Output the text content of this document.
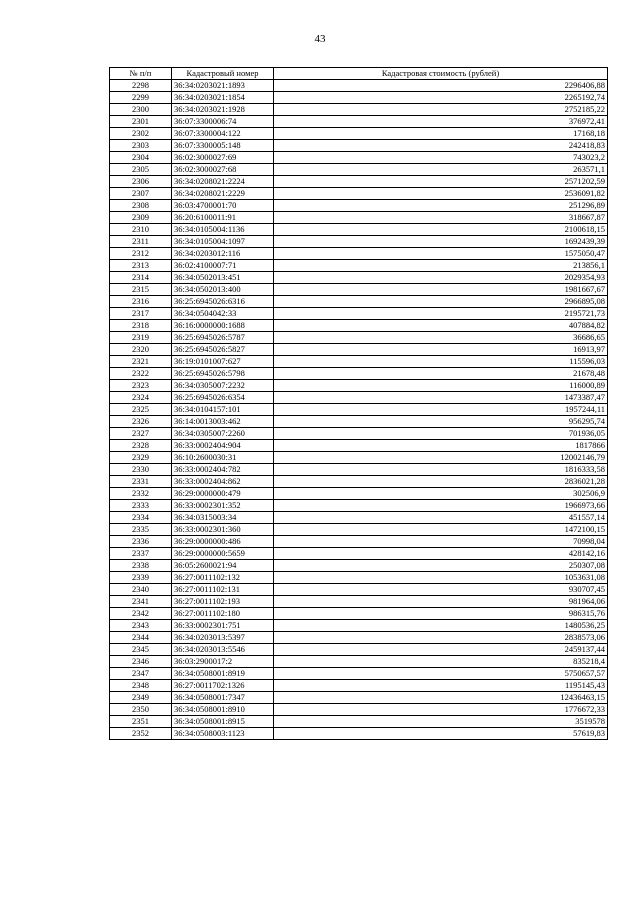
43
№ п/п	Кадастровый номер	Кадастровая стоимость (рублей)
2298	36:34:0203021:1893	2296406,88
2299	36:34:0203021:1854	2265192,74
2300	36:34:0203021:1928	2752185,22
2301	36:07:3300006:74	376972,41
2302	36:07:3300004:122	17168,18
2303	36:07:3300005:148	242418,83
2304	36:02:3000027:69	743023,2
2305	36:02:3000027:68	263571,1
2306	36:34:0208021:2224	2571202,59
2307	36:34:0208021:2229	2536091,82
2308	36:03:4700001:70	251296,89
2309	36:20:6100011:91	318667,87
2310	36:34:0105004:1136	2100618,15
2311	36:34:0105004:1097	1692439,39
2312	36:34:0203012:116	1575050,47
2313	36:02:4100007:71	213856,1
2314	36:34:0502013:451	2029354,93
2315	36:34:0502013:400	1981667,67
2316	36:25:6945026:6316	2966895,08
2317	36:34:0504042:33	2195721,73
2318	36:16:0000000:1688	407884,82
2319	36:25:6945026:5787	36686,65
2320	36:25:6945026:5827	16913,97
2321	36:19:0101007:627	115596,03
2322	36:25:6945026:5798	21678,48
2323	36:34:0305007:2232	116000,89
2324	36:25:6945026:6354	1473387,47
2325	36:34:0104157:101	1957244,11
2326	36:14:0013003:462	956295,74
2327	36:34:0305007:2260	701936,05
2328	36:33:0002404:904	1817866
2329	36:10:2600030:31	12002146,79
2330	36:33:0002404:782	1816333,58
2331	36:33:0002404:862	2836021,28
2332	36:29:0000000:479	302506,9
2333	36:33:0002301:352	1966973,66
2334	36:34:0315003:34	451557,14
2335	36:33:0002301:360	1472100,15
2336	36:29:0000000:486	70998,04
2337	36:29:0000000:5659	428142,16
2338	36:05:2600021:94	250307,08
2339	36:27:0011102:132	1053631,08
2340	36:27:0011102:131	930707,45
2341	36:27:0011102:193	981964,06
2342	36:27:0011102:180	986315,76
2343	36:33:0002301:751	1480536,25
2344	36:34:0203013:5397	2838573,06
2345	36:34:0203013:5546	2459137,44
2346	36:03:2900017:2	835218,4
2347	36:34:0508001:8919	5750657,57
2348	36:27:0011702:1326	1195145,43
2349	36:34:0508001:7347	12436463,15
2350	36:34:0508001:8910	1776672,33
2351	36:34:0508001:8915	3519578
2352	36:34:0508003:1123	57619,83
